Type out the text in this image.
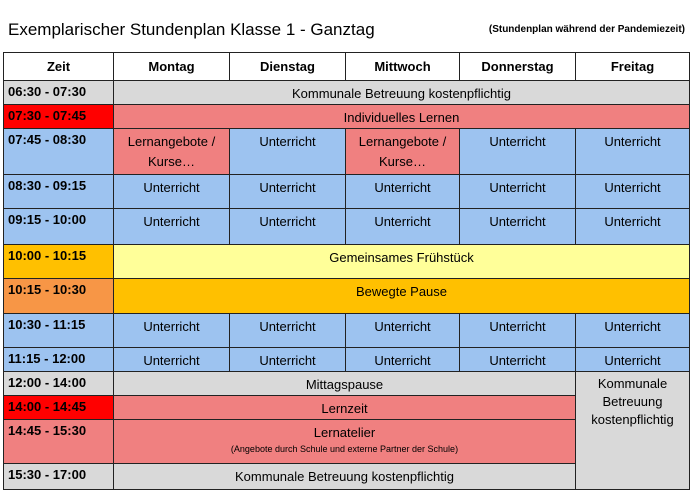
Exemplarischer Stundenplan Klasse 1 - Ganztag	(Stundenplan während der Pandemiezeit)
Zeit	Montag	Dienstag	Mittwoch	Donnerstag	Freitag
06:30 - 07:30	Kommunale Betreuung kostenpflichtig				
07:30 - 07:45	Individuelles Lernen				
07:45 - 08:30	Lernangebote / Kurse…	Unterricht	Lernangebote / Kurse…	Unterricht	Unterricht
08:30 - 09:15	Unterricht	Unterricht	Unterricht	Unterricht	Unterricht
09:15 - 10:00	Unterricht	Unterricht	Unterricht	Unterricht	Unterricht
10:00 - 10:15	Gemeinsames Frühstück				
10:15 - 10:30	Bewegte Pause				
10:30 - 11:15	Unterricht	Unterricht	Unterricht	Unterricht	Unterricht
11:15 - 12:00	Unterricht	Unterricht	Unterricht	Unterricht	Unterricht
12:00 - 14:00	Mittagspause				Kommunale Betreuung kostenpflichtig
14:00 - 14:45	Lernzeit				
14:45 - 15:30	Lernatelier
(Angebote durch Schule und externe Partner der Schule)				

15:30 - 17:00	Kommunale Betreuung kostenpflichtig				
